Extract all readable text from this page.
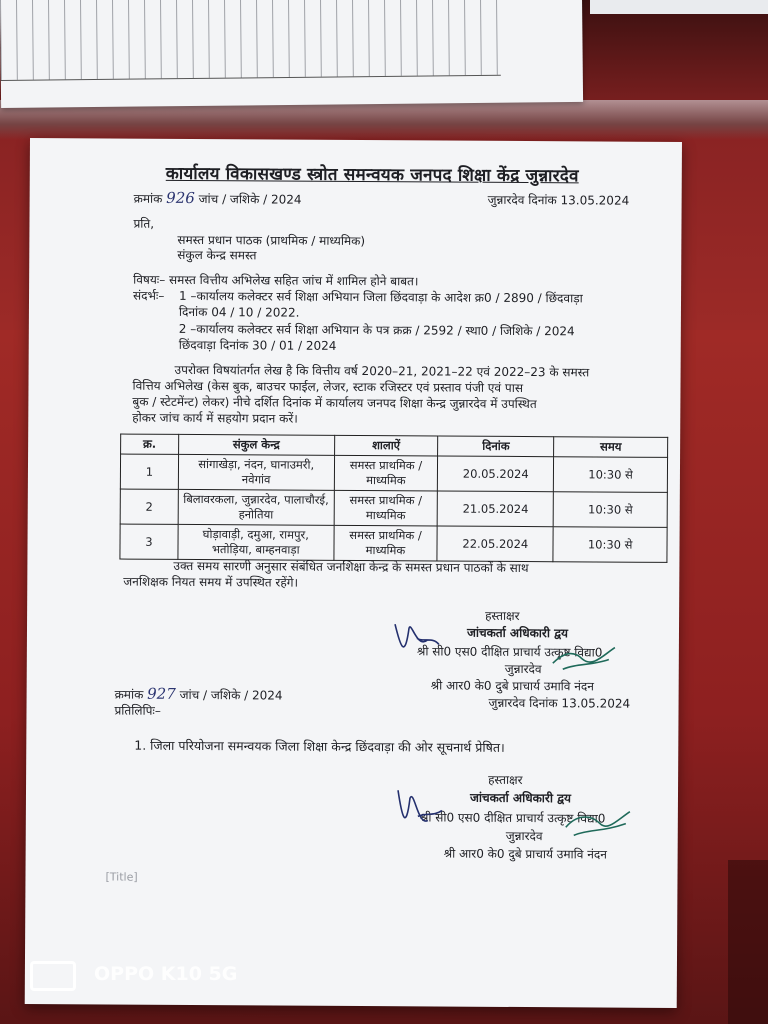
कार्यालय विकासखण्ड स्त्रोत समन्वयक जनपद शिक्षा केंद्र जुन्नारदेव
क्रमांक 926 जांच / जशिके / 2024	जुन्नारदेव दिनांक 13.05.2024
प्रति,
समस्त प्रधान पाठक (प्राथमिक / माध्यमिक)
संकुल केन्द्र समस्त
विषयः– समस्त वित्तीय अभिलेख सहित जांच में शामिल होने बाबत।
संदर्भः– 1 –कार्यालय कलेक्टर सर्व शिक्षा अभियान जिला छिंदवाड़ा के आदेश क्र0 / 2890 / छिंदवाड़ा
दिनांक 04 / 10 / 2022.
2 –कार्यालय कलेक्टर सर्व शिक्षा अभियान के पत्र क्रक्र / 2592 / स्था0 / जिशिके / 2024
छिंदवाड़ा दिनांक 30 / 01 / 2024
उपरोक्त विषयांतर्गत लेख है कि वित्तीय वर्ष 2020–21, 2021–22 एवं 2022–23 के समस्त
वित्तिय अभिलेख (केस बुक, बाउचर फाईल, लेजर, स्टाक रजिस्टर एवं प्रस्ताव पंजी एवं पास
बुक / स्टेटमेंन्ट) लेकर) नीचे दर्शित दिनांक में कार्यालय जनपद शिक्षा केन्द्र जुन्नारदेव में उपस्थित
होकर जांच कार्य में सहयोग प्रदान करें।
क्र.	संकुल केन्द्र	शालाऐं	दिनांक	समय
1	सांगाखेड़ा, नंदन, घानाउमरी, नवेगांव	समस्त प्राथमिक / माध्यमिक	20.05.2024	10:30 से
2	बिलावरकला, जुन्नारदेव, पालाचौरई, हनोतिया	समस्त प्राथमिक / माध्यमिक	21.05.2024	10:30 से
3	घोड़ावाड़ी, दमुआ, रामपुर, भतोड़िया, बाम्हनवाड़ा	समस्त प्राथमिक / माध्यमिक	22.05.2024	10:30 से
उक्त समय सारणी अनुसार संबंधित जनशिक्षा केन्द्र के समस्त प्रधान पाठकों के साथ
जनशिक्षक नियत समय में उपस्थित रहेंगे।
हस्ताक्षर
जांचकर्ता अधिकारी द्वय
श्री सी0 एस0 दीक्षित प्राचार्य उत्कृष्ट विद्या0
जुन्नारदेव
श्री आर0 के0 दुबे प्राचार्य उमावि नंदन
क्रमांक 927 जांच / जशिके / 2024
जुन्नारदेव दिनांक 13.05.2024
प्रतिलिपिः–
1. जिला परियोजना समन्वयक जिला शिक्षा केन्द्र छिंदवाड़ा की ओर सूचनार्थ प्रेषित।
हस्ताक्षर
जांचकर्ता अधिकारी द्वय
श्री सी0 एस0 दीक्षित प्राचार्य उत्कृष्ट विद्या0
जुन्नारदेव
श्री आर0 के0 दुबे प्राचार्य उमावि नंदन
[Title]
OPPO K10 5G
